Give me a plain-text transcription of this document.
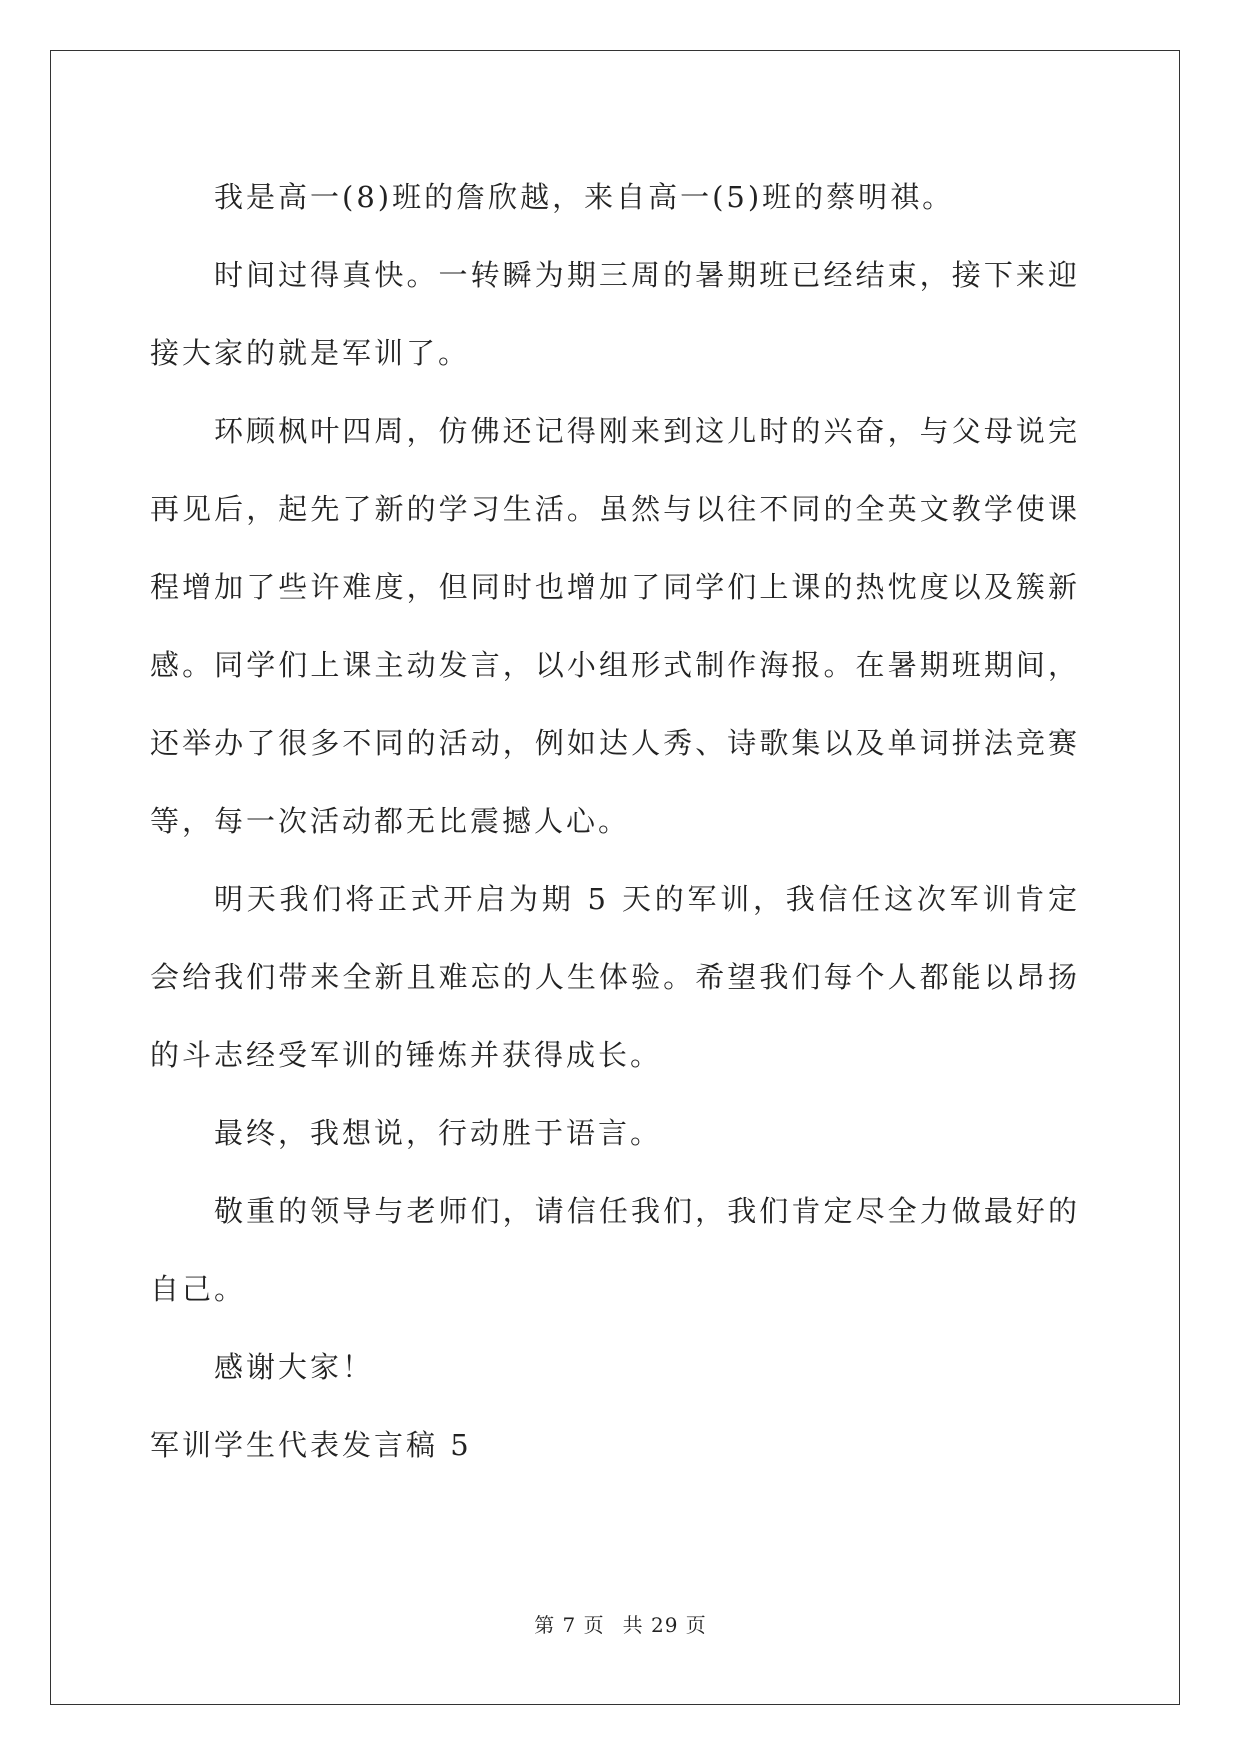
我是高一(8)班的詹欣越，来自高一(5)班的蔡明祺。

时间过得真快。一转瞬为期三周的暑期班已经结束，接下来迎接大家的就是军训了。

环顾枫叶四周，仿佛还记得刚来到这儿时的兴奋，与父母说完再见后，起先了新的学习生活。虽然与以往不同的全英文教学使课程增加了些许难度，但同时也增加了同学们上课的热忱度以及簇新感。同学们上课主动发言，以小组形式制作海报。在暑期班期间，还举办了很多不同的活动，例如达人秀、诗歌集以及单词拼法竞赛等，每一次活动都无比震撼人心。

明天我们将正式开启为期 5 天的军训，我信任这次军训肯定会给我们带来全新且难忘的人生体验。希望我们每个人都能以昂扬的斗志经受军训的锤炼并获得成长。

最终，我想说，行动胜于语言。

敬重的领导与老师们，请信任我们，我们肯定尽全力做最好的自己。

感谢大家！

军训学生代表发言稿 5

第 7 页 共 29 页
